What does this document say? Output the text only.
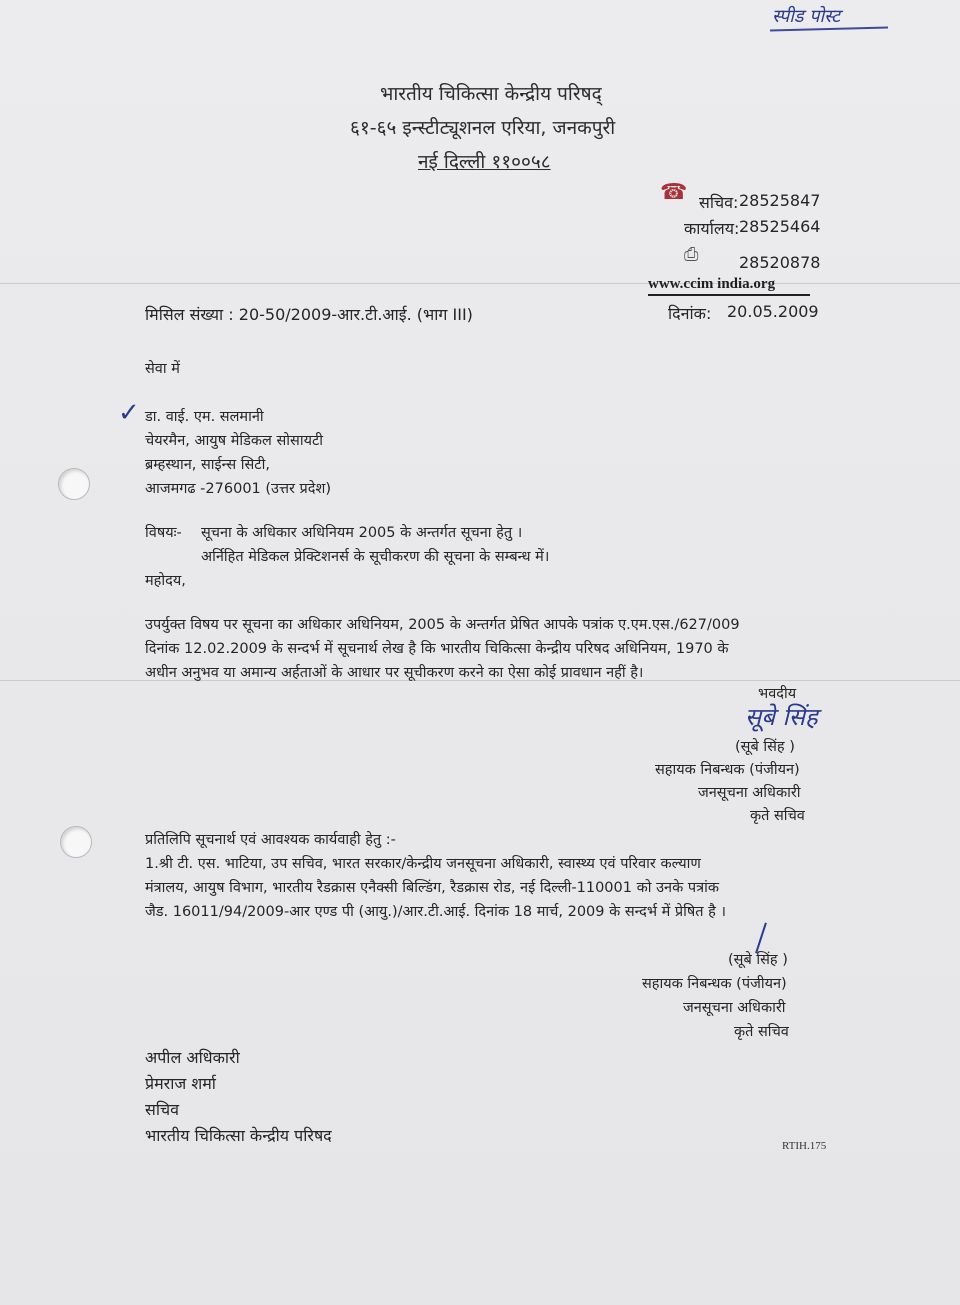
स्पीड पोस्ट
भारतीय चिकित्सा केन्द्रीय परिषद्
६१-६५ इन्स्टीट्यूशनल एरिया, जनकपुरी
नई दिल्ली ११००५८
☎ सचिव: 28525847
कार्यालय: 28525464
⎙	28520878
www.ccim india.org
मिसिल संख्या : 20-50/2009-आर.टी.आई. (भाग III)	दिनांक: 20.05.2009
सेवा में
✓ डा. वाई. एम. सलमानी
चेयरमैन, आयुष मेडिकल सोसायटी
ब्रम्हस्थान, साईन्स सिटी,
आजमगढ -276001 (उत्तर प्रदेश)
विषयः- सूचना के अधिकार अधिनियम 2005 के अन्तर्गत सूचना हेतु ।
अर्निहित मेडिकल प्रेक्टिशनर्स के सूचीकरण की सूचना के सम्बन्ध में।
महोदय,
उपर्युक्त विषय पर सूचना का अधिकार अधिनियम, 2005 के अन्तर्गत प्रेषित आपके पत्रांक ए.एम.एस./627/009
दिनांक 12.02.2009 के सन्दर्भ में सूचनार्थ लेख है कि भारतीय चिकित्सा केन्द्रीय परिषद अधिनियम, 1970 के
अधीन अनुभव या अमान्य अर्हताओं के आधार पर सूचीकरण करने का ऐसा कोई प्रावधान नहीं है।
भवदीय
सूबे सिंह
(सूबे सिंह )
सहायक निबन्धक (पंजीयन)
जनसूचना अधिकारी
कृते सचिव
प्रतिलिपि सूचनार्थ एवं आवश्यक कार्यवाही हेतु :-
1.श्री टी. एस. भाटिया, उप सचिव, भारत सरकार/केन्द्रीय जनसूचना अधिकारी, स्वास्थ्य एवं परिवार कल्याण
मंत्रालय, आयुष विभाग, भारतीय रैडक्रास एनैक्सी बिल्डिंग, रैडक्रास रोड, नई दिल्ली-110001 को उनके पत्रांक
जैड. 16011/94/2009-आर एण्ड पी (आयु.)/आर.टी.आई. दिनांक 18 मार्च, 2009 के सन्दर्भ में प्रेषित है ।
(सूबे सिंह )
सहायक निबन्धक (पंजीयन)
जनसूचना अधिकारी
कृते सचिव
अपील अधिकारी
प्रेमराज शर्मा
सचिव
भारतीय चिकित्सा केन्द्रीय परिषद
RTIH.175
